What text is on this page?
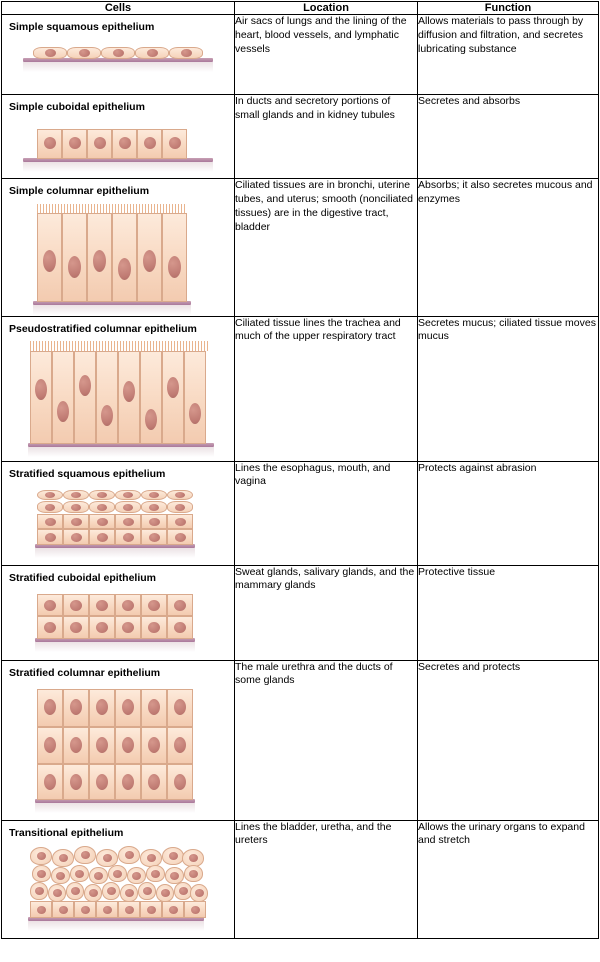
Cells	Location	Function

Simple squamous epithelium	Air sacs of lungs and the lining of the heart, blood vessels, and lymphatic vessels	Allows materials to pass through by diffusion and filtration, and secretes lubricating substance

Simple cuboidal epithelium	In ducts and secretory portions of small glands and in kidney tubules	Secretes and absorbs

Simple columnar epithelium	Ciliated tissues are in bronchi, uterine tubes, and uterus; smooth (nonciliated tissues) are in the digestive tract, bladder	Absorbs; it also secretes mucous and enzymes

Pseudostratified columnar epithelium	Ciliated tissue lines the trachea and much of the upper respiratory tract	Secretes mucus; ciliated tissue moves mucus

Stratified squamous epithelium	Lines the esophagus, mouth, and vagina	Protects against abrasion

Stratified cuboidal epithelium	Sweat glands, salivary glands, and the mammary glands	Protective tissue

Stratified columnar epithelium	The male urethra and the ducts of some glands	Secretes and protects

Transitional epithelium	Lines the bladder, uretha, and the ureters	Allows the urinary organs to expand and stretch
